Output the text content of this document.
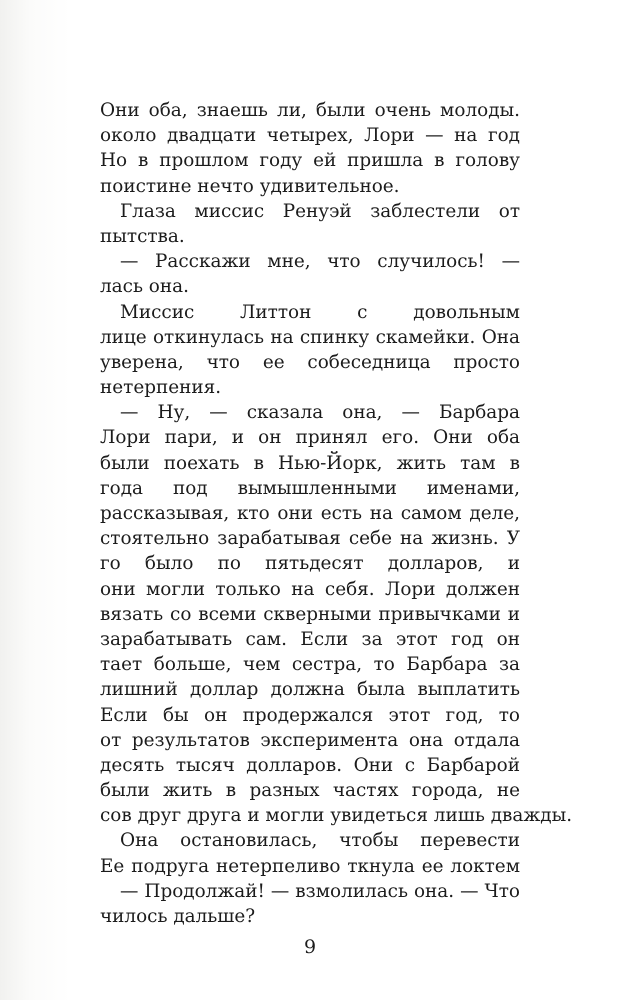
Они оба, знаешь ли, были очень молоды.
около двадцати четырех, Лори — на год
Но в прошлом году ей пришла в голову
поистине нечто удивительное.
Глаза миссис Ренуэй заблестели от
пытства.
— Расскажи мне, что случилось! —
лась она.
Миссис Литтон с довольным
лице откинулась на спинку скамейки. Она
уверена, что ее собеседница просто
нетерпения.
— Ну, — сказала она, — Барбара
Лори пари, и он принял его. Они оба
были поехать в Нью-Йорк, жить там в
года под вымышленными именами,
рассказывая, кто они есть на самом деле,
стоятельно зарабатывая себе на жизнь. У
го было по пятьдесят долларов, и
они могли только на себя. Лори должен
вязать со всеми скверными привычками и
зарабатывать сам. Если за этот год он
тает больше, чем сестра, то Барбара за
лишний доллар должна была выплатить
Если бы он продержался этот год, то
от результатов эксперимента она отдала
десять тысяч долларов. Они с Барбарой
были жить в разных частях города, не
сов друг друга и могли увидеться лишь дважды.
Она остановилась, чтобы перевести
Ее подруга нетерпеливо ткнула ее локтем
— Продолжай! — взмолилась она. — Что
чилось дальше?
9
